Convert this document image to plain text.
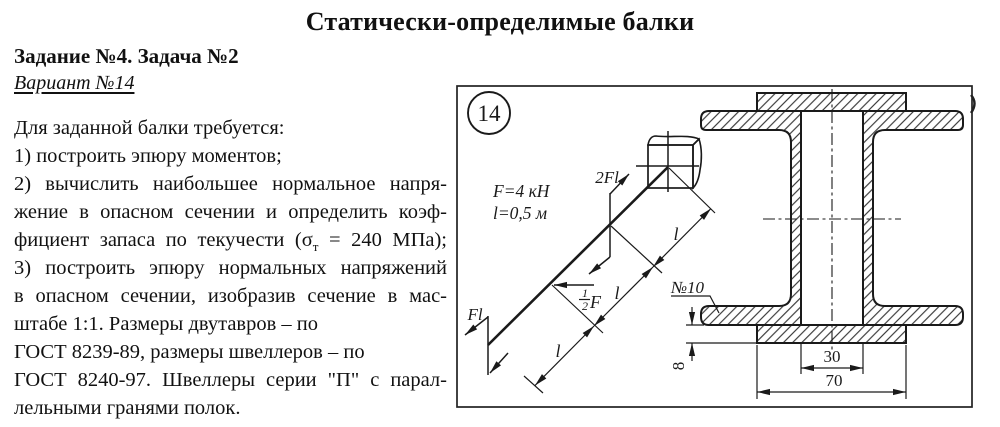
Статически-определимые балки
Задание №4. Задача №2
Вариант №14
Для заданной балки требуется:
1) построить эпюру моментов;
2) вычислить наибольшее нормальное напря-
жение в опасном сечении и определить коэф-
фициент запаса по текучести ($\sigma_т = 240$ МПа);
3) построить эпюру нормальных напряжений
в опасном сечении, изобразив сечение в мас-
штабе 1:1. Размеры двутавров – по
ГОСТ 8239-89, размеры швеллеров – по
ГОСТ 8240-97. Швеллеры серии "П" с парал-
лельными гранями полок.
14
F=4 кН
l=0,5 м
2Fl
1
2 F
Fl
l
l
l	30
70
8
№10
